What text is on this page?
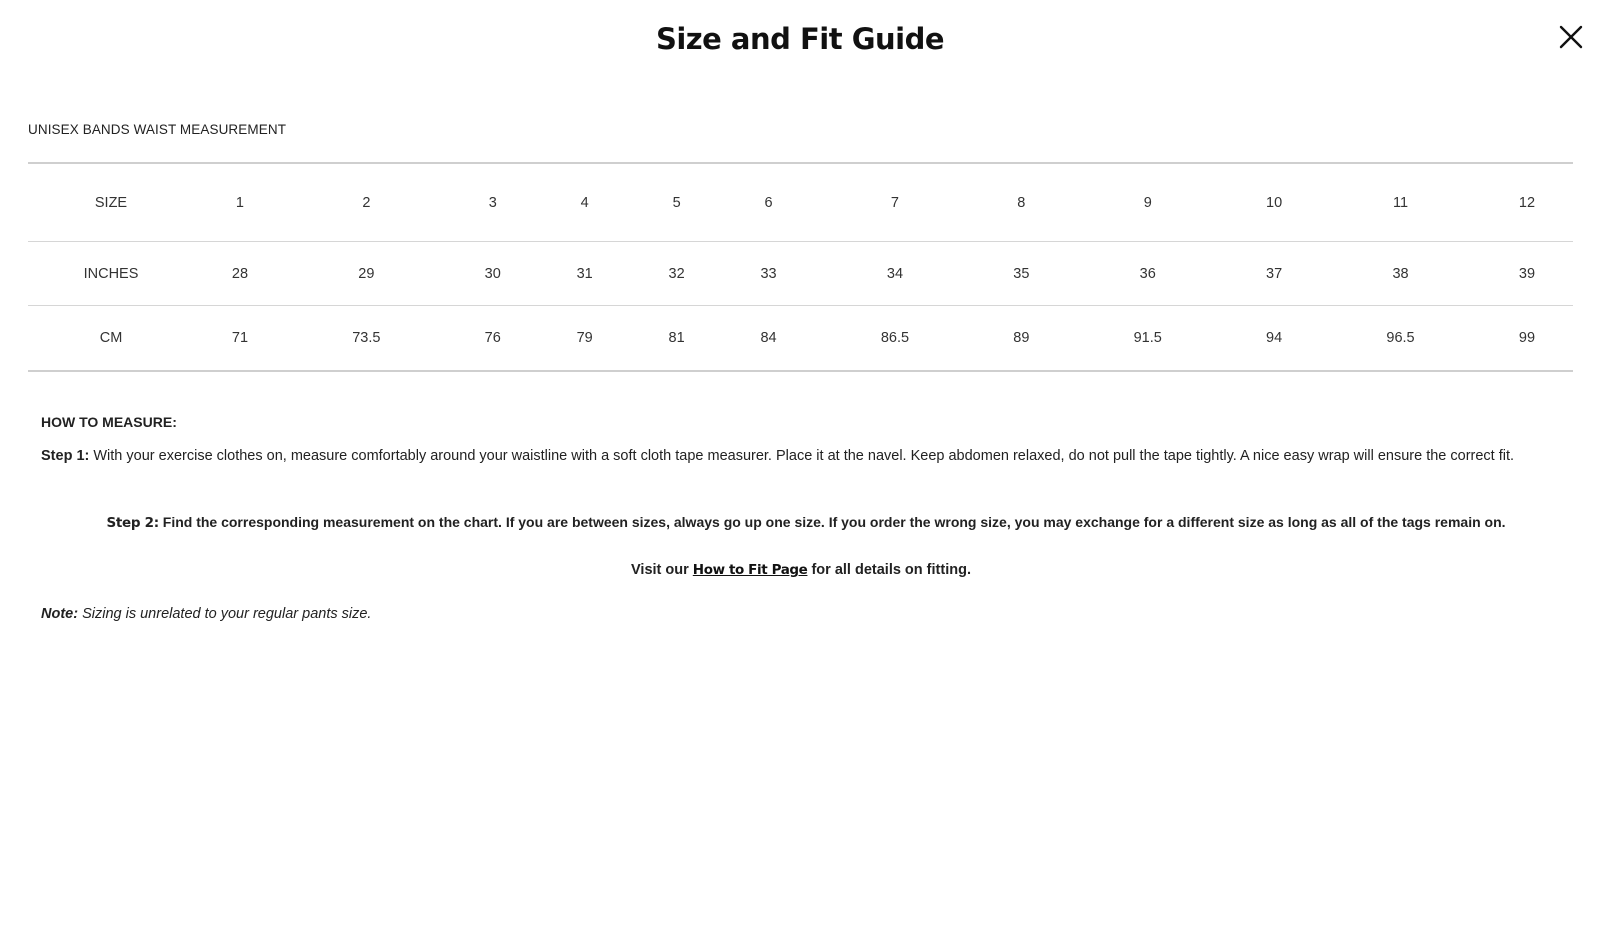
Size and Fit Guide
UNISEX BANDS WAIST MEASUREMENT
SIZE	1	2	3	4	5	6	7	8	9	10	11	12
INCHES	28	29	30	31	32	33	34	35	36	37	38	39
CM	71	73.5	76	79	81	84	86.5	89	91.5	94	96.5	99

HOW TO MEASURE:

Step 1: With your exercise clothes on, measure comfortably around your waistline with a soft cloth tape measurer. Place it at the navel. Keep abdomen relaxed, do not pull the tape tightly. A nice easy wrap will ensure the correct fit.

Step 2: Find the corresponding measurement on the chart. If you are between sizes, always go up one size. If you order the wrong size, you may exchange for a different size as long as all of the tags remain on.

Visit our How to Fit Page for all details on fitting.

Note: Sizing is unrelated to your regular pants size.
